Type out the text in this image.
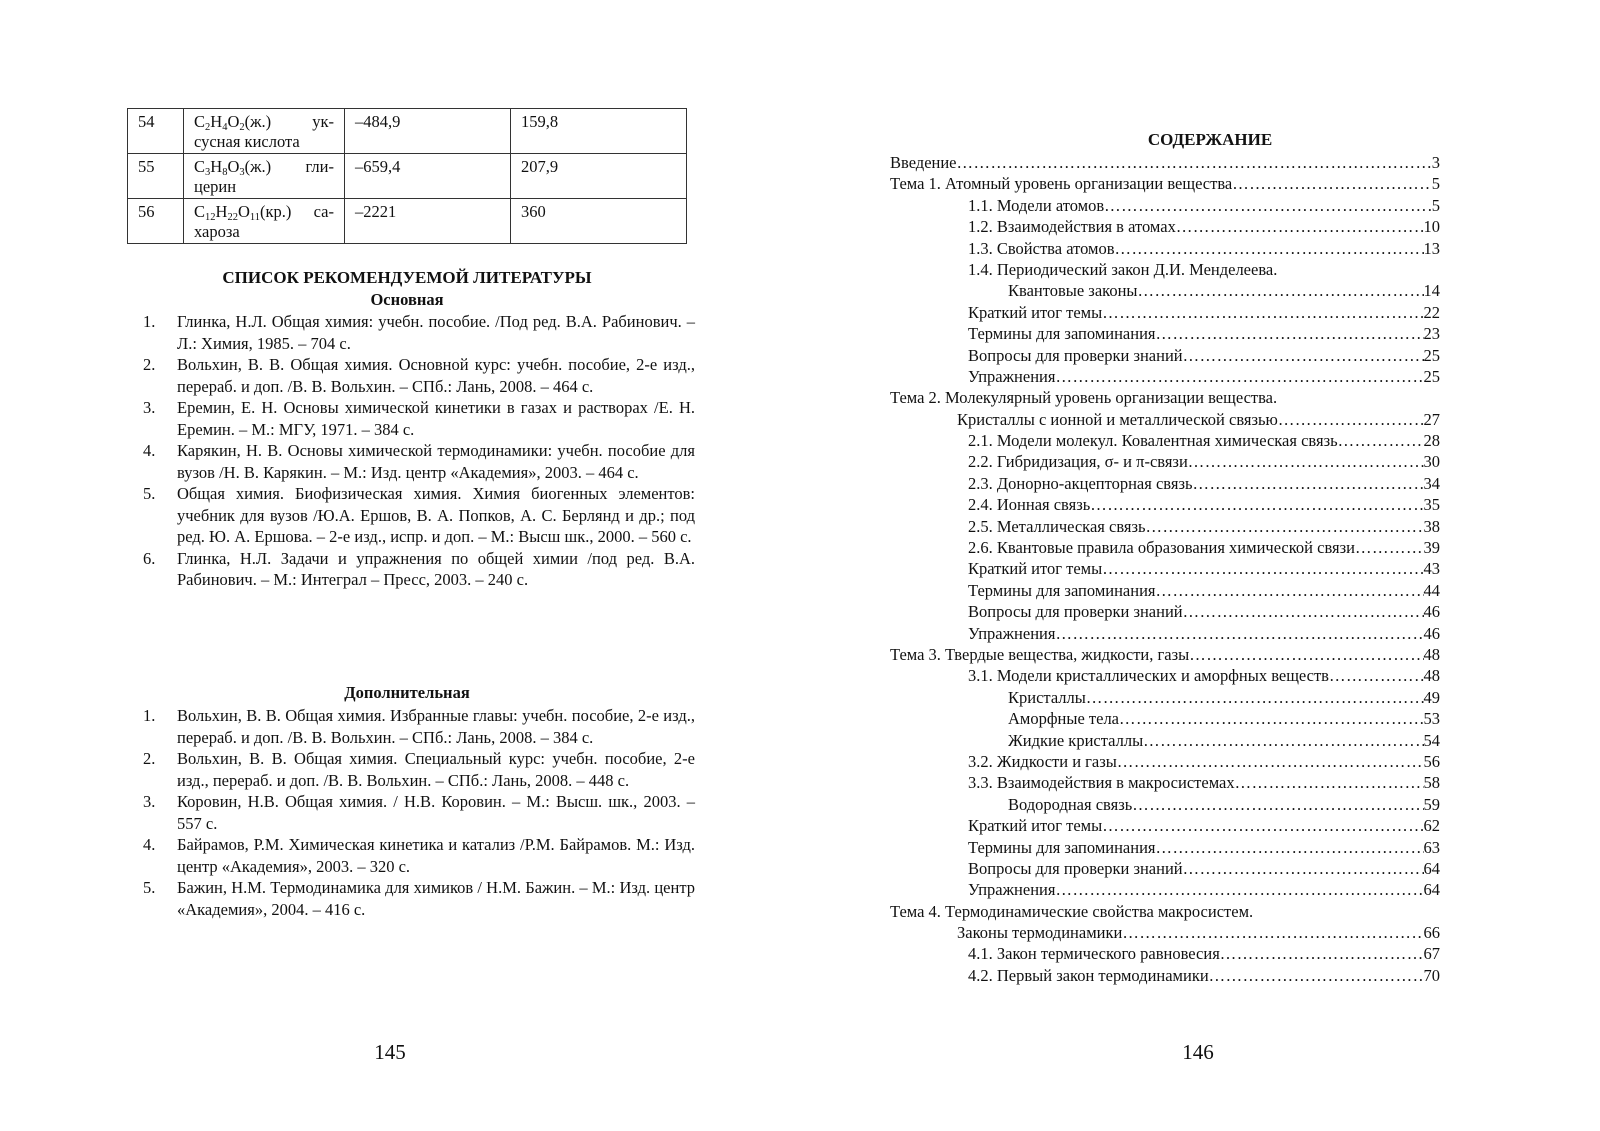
54	$C_2H_4O_2(ж.)$ ук-сусная кислота	–484,9	159,8
55	$C_3H_8O_3(ж.)$ гли-церин	–659,4	207,9
56	$C_{12}H_{22}O_{11}(кр.)$ са-хароза	–2221	360
СПИСОК РЕКОМЕНДУЕМОЙ ЛИТЕРАТУРЫ
Основная
1. Глинка, Н.Л. Общая химия: учебн. пособие. /Под ред. В.А. Рабинович. – Л.: Химия, 1985. – 704 с.
2. Вольхин, В. В. Общая химия. Основной курс: учебн. пособие, 2-е изд., перераб. и доп. /В. В. Вольхин. – СПб.: Лань, 2008. – 464 с.
3. Еремин, Е. Н. Основы химической кинетики в газах и растворах /Е. Н. Еремин. – М.: МГУ, 1971. – 384 с.
4. Карякин, Н. В. Основы химической термодинамики: учебн. пособие для вузов /Н. В. Карякин. – М.: Изд. центр «Академия», 2003. – 464 с.
5. Общая химия. Биофизическая химия. Химия биогенных элементов: учебник для вузов /Ю.А. Ершов, В. А. Попков, А. С. Берлянд и др.; под ред. Ю. А. Ершова. – 2-е изд., испр. и доп. – М.: Высш шк., 2000. – 560 с.
6. Глинка, Н.Л. Задачи и упражнения по общей химии /под ред. В.А. Рабинович. – М.: Интеграл – Пресс, 2003. – 240 с.
Дополнительная
1. Вольхин, В. В. Общая химия. Избранные главы: учебн. пособие, 2-е изд., перераб. и доп. /В. В. Вольхин. – СПб.: Лань, 2008. – 384 с.
2. Вольхин, В. В. Общая химия. Специальный курс: учебн. пособие, 2-е изд., перераб. и доп. /В. В. Вольхин. – СПб.: Лань, 2008. – 448 с.
3. Коровин, Н.В. Общая химия. / Н.В. Коровин. – М.: Высш. шк., 2003. – 557 с.
4. Байрамов, Р.М. Химическая кинетика и катализ /Р.М. Байрамов. М.: Изд. центр «Академия», 2003. – 320 с.
5. Бажин, Н.М. Термодинамика для химиков / Н.М. Бажин. – М.: Изд. центр «Академия», 2004. – 416 с.
145
СОДЕРЖАНИЕ
Введение …………………………………………………………………………………………………………………………………………………………	3
Тема 1. Атомный уровень организации вещества …………………………………………………………………………………………………………………………………………………………	5
1.1. Модели атомов …………………………………………………………………………………………………………………………………………………………	5
1.2. Взаимодействия в атомах …………………………………………………………………………………………………………………………………………………………	10
1.3. Свойства атомов …………………………………………………………………………………………………………………………………………………………	13
1.4. Периодический закон Д.И. Менделеева.
Квантовые законы …………………………………………………………………………………………………………………………………………………………	14
Краткий итог темы …………………………………………………………………………………………………………………………………………………………	22
Термины для запоминания …………………………………………………………………………………………………………………………………………………………	23
Вопросы для проверки знаний …………………………………………………………………………………………………………………………………………………………	25
Упражнения …………………………………………………………………………………………………………………………………………………………	25
Тема 2. Молекулярный уровень организации вещества.
Кристаллы с ионной и металлической связью …………………………………………………………………………………………………………………………………………………………	27
2.1. Модели молекул. Ковалентная химическая связь …………………………………………………………………………………………………………………………………………………………	28
2.2. Гибридизация, σ- и π-связи …………………………………………………………………………………………………………………………………………………………	30
2.3. Донорно-акцепторная связь …………………………………………………………………………………………………………………………………………………………	34
2.4. Ионная связь …………………………………………………………………………………………………………………………………………………………	35
2.5. Металлическая связь …………………………………………………………………………………………………………………………………………………………	38
2.6. Квантовые правила образования химической связи …………………………………………………………………………………………………………………………………………………………	39
Краткий итог темы …………………………………………………………………………………………………………………………………………………………	43
Термины для запоминания …………………………………………………………………………………………………………………………………………………………	44
Вопросы для проверки знаний …………………………………………………………………………………………………………………………………………………………	46
Упражнения …………………………………………………………………………………………………………………………………………………………	46
Тема 3. Твердые вещества, жидкости, газы …………………………………………………………………………………………………………………………………………………………	48
3.1. Модели кристаллических и аморфных веществ …………………………………………………………………………………………………………………………………………………………	48
Кристаллы …………………………………………………………………………………………………………………………………………………………	49
Аморфные тела …………………………………………………………………………………………………………………………………………………………	53
Жидкие кристаллы …………………………………………………………………………………………………………………………………………………………	54
3.2. Жидкости и газы …………………………………………………………………………………………………………………………………………………………	56
3.3. Взаимодействия в макросистемах …………………………………………………………………………………………………………………………………………………………	58
Водородная связь …………………………………………………………………………………………………………………………………………………………	59
Краткий итог темы …………………………………………………………………………………………………………………………………………………………	62
Термины для запоминания …………………………………………………………………………………………………………………………………………………………	63
Вопросы для проверки знаний …………………………………………………………………………………………………………………………………………………………	64
Упражнения …………………………………………………………………………………………………………………………………………………………	64
Тема 4. Термодинамические свойства макросистем.
Законы термодинамики …………………………………………………………………………………………………………………………………………………………	66
4.1. Закон термического равновесия …………………………………………………………………………………………………………………………………………………………	67
4.2. Первый закон термодинамики …………………………………………………………………………………………………………………………………………………………	70
146
